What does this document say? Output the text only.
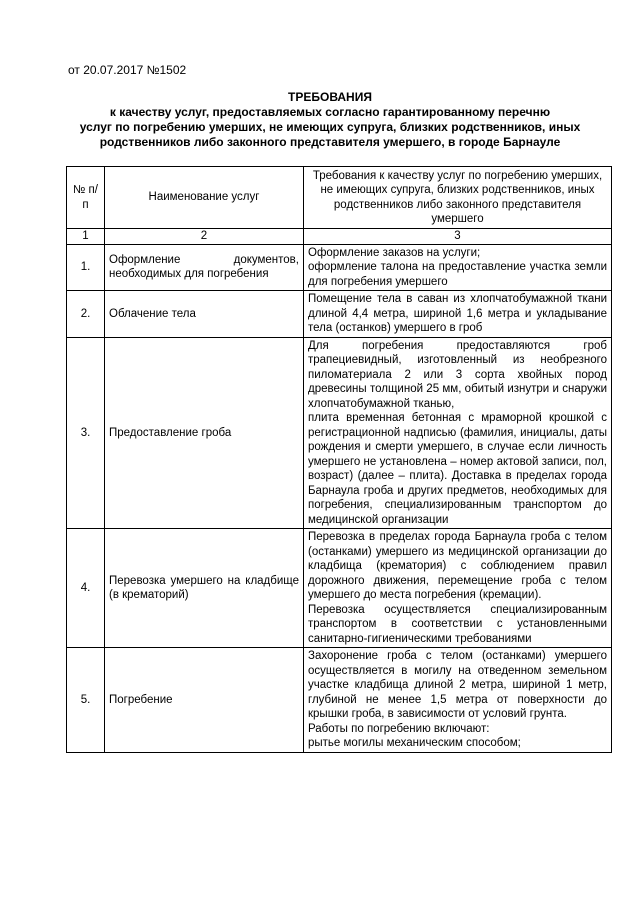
от 20.07.2017 №1502
ТРЕБОВАНИЯ
к качеству услуг, предоставляемых согласно гарантированному перечню
услуг по погребению умерших, не имеющих супруга, близких родственников, иных
родственников либо законного представителя умершего, в городе Барнауле
№ п/п	Наименование услуг	Требования к качеству услуг по погребению умерших, не имеющих супруга, близких родственников, иных родственников либо законного представителя умершего
1	2	3
1.	Оформление документов, необходимых для погребения	Оформление заказов на услуги;
оформление талона на предоставление участка земли для погребения умершего

2.	Облачение тела	Помещение тела в саван из хлопчатобумажной ткани длиной 4,4 метра, шириной 1,6 метра и укладывание тела (останков) умершего в гроб

3.	Предоставление гроба	Для погребения предоставляются гроб трапециевидный, изготовленный из необрезного пиломатериала 2 или 3 сорта хвойных пород древесины толщиной 25 мм, обитый изнутри и снаружи хлопчатобумажной тканью,
плита временная бетонная с мраморной крошкой с регистрационной надписью (фамилия, инициалы, даты рождения и смерти умершего, в случае если личность умершего не установлена – номер актовой записи, пол, возраст) (далее – плита). Доставка в пределах города Барнаула гроба и других предметов, необходимых для погребения, специализированным транспортом до медицинской организации

4.	Перевозка умершего на кладбище (в крематорий)	Перевозка в пределах города Барнаула гроба с телом (останками) умершего из медицинской организации до кладбища (крематория) с соблюдением правил дорожного движения, перемещение гроба с телом умершего до места погребения (кремации).
Перевозка осуществляется специализированным транспортом в соответствии с установленными санитарно-гигиеническими требованиями

5.	Погребение	Захоронение гроба с телом (останками) умершего осуществляется в могилу на отведенном земельном участке кладбища длиной 2 метра, шириной 1 метр, глубиной не менее 1,5 метра от поверхности до крышки гроба, в зависимости от условий грунта.
Работы по погребению включают:
рытье могилы механическим способом;
